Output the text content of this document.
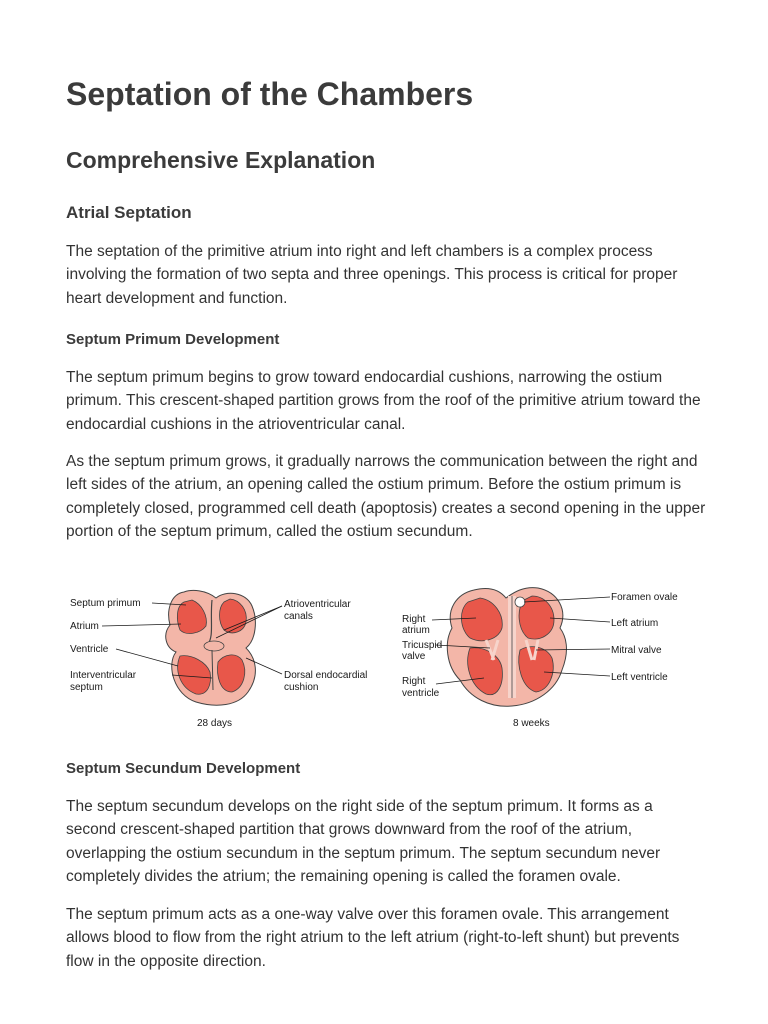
Septation of the Chambers
Comprehensive Explanation
Atrial Septation

The septation of the primitive atrium into right and left chambers is a complex process involving the formation of two septa and three openings. This process is critical for proper heart development and function.

Septum Primum Development

The septum primum begins to grow toward endocardial cushions, narrowing the ostium primum. This crescent-shaped partition grows from the roof of the primitive atrium toward the endocardial cushions in the atrioventricular canal.

As the septum primum grows, it gradually narrows the communication between the right and left sides of the atrium, an opening called the ostium primum. Before the ostium primum is completely closed, programmed cell death (apoptosis) creates a second opening in the upper portion of the septum primum, called the ostium secundum.

Septum primum
Atrium
Ventricle
Interventricular
septum
Atrioventricular
canals
Dorsal endocardial
cushion
28 days
Right
atrium
Tricuspid
valve
Right
ventricle
Foramen ovale
Left atrium
Mitral valve
Left ventricle
8 weeks
Septum Secundum Development

The septum secundum develops on the right side of the septum primum. It forms as a second crescent-shaped partition that grows downward from the roof of the atrium, overlapping the ostium secundum in the septum primum. The septum secundum never completely divides the atrium; the remaining opening is called the foramen ovale.

The septum primum acts as a one-way valve over this foramen ovale. This arrangement allows blood to flow from the right atrium to the left atrium (right-to-left shunt) but prevents flow in the opposite direction.
